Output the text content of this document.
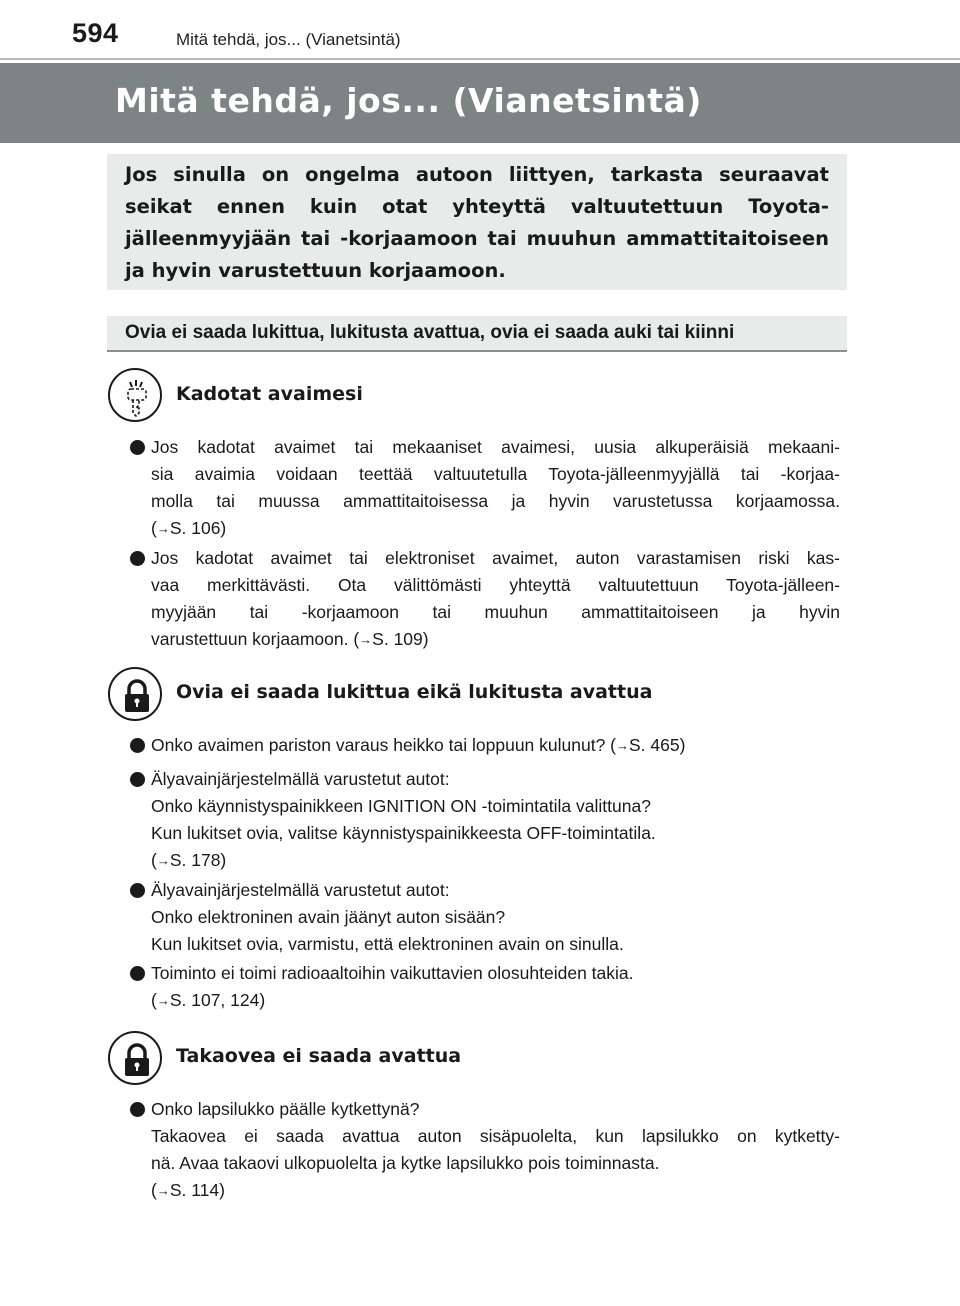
594	Mitä tehdä, jos... (Vianetsintä)
Mitä tehdä, jos... (Vianetsintä)

Jos sinulla on ongelma autoon liittyen, tarkasta seuraavat seikat ennen kuin otat yhteyttä valtuutettuun Toyota-jälleenmyyjään tai -korjaamoon tai muuhun ammattitaitoiseen ja hyvin varustettuun korjaamoon.

Ovia ei saada lukittua, lukitusta avattua, ovia ei saada auki tai kiinni
Kadotat avaimesi
Jos kadotat avaimet tai mekaaniset avaimesi, uusia alkuperäisiä mekaani-
sia avaimia voidaan teettää valtuutetulla Toyota-jälleenmyyjällä tai -korjaa-
molla tai muussa ammattitaitoisessa ja hyvin varustetussa korjaamossa.
(→S. 106)
Jos kadotat avaimet tai elektroniset avaimet, auton varastamisen riski kas-
vaa merkittävästi. Ota välittömästi yhteyttä valtuutettuun Toyota-jälleen-
myyjään tai -korjaamoon tai muuhun ammattitaitoiseen ja hyvin
varustettuun korjaamoon. (→S. 109)
Ovia ei saada lukittua eikä lukitusta avattua
Onko avaimen pariston varaus heikko tai loppuun kulunut? (→S. 465)
Älyavainjärjestelmällä varustetut autot:
Onko käynnistyspainikkeen IGNITION ON -toimintatila valittuna?
Kun lukitset ovia, valitse käynnistyspainikkeesta OFF-toimintatila.
(→S. 178)
Älyavainjärjestelmällä varustetut autot:
Onko elektroninen avain jäänyt auton sisään?
Kun lukitset ovia, varmistu, että elektroninen avain on sinulla.
Toiminto ei toimi radioaaltoihin vaikuttavien olosuhteiden takia.
(→S. 107, 124)
Takaovea ei saada avattua
Onko lapsilukko päälle kytkettynä?
Takaovea ei saada avattua auton sisäpuolelta, kun lapsilukko on kytketty-
nä. Avaa takaovi ulkopuolelta ja kytke lapsilukko pois toiminnasta.
(→S. 114)
